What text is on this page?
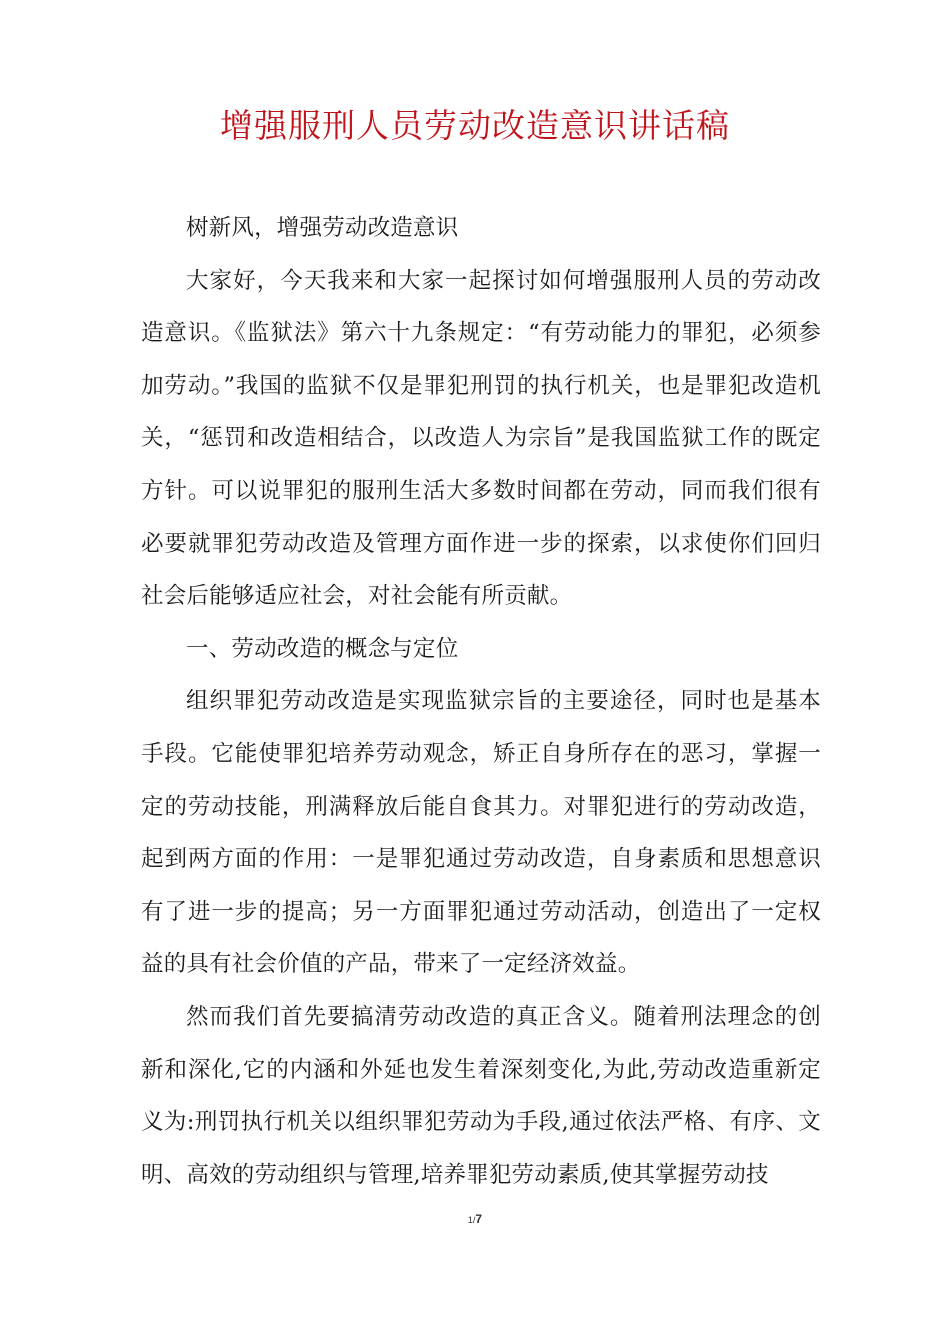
增强服刑人员劳动改造意识讲话稿

树新风，增强劳动改造意识

大家好，今天我来和大家一起探讨如何增强服刑人员的劳动改造意识。《监狱法》第六十九条规定：“有劳动能力的罪犯，必须参加劳动。”我国的监狱不仅是罪犯刑罚的执行机关，也是罪犯改造机关，“惩罚和改造相结合，以改造人为宗旨”是我国监狱工作的既定方针。可以说罪犯的服刑生活大多数时间都在劳动，同而我们很有必要就罪犯劳动改造及管理方面作进一步的探索，以求使你们回归社会后能够适应社会，对社会能有所贡献。

一、劳动改造的概念与定位

组织罪犯劳动改造是实现监狱宗旨的主要途径，同时也是基本手段。它能使罪犯培养劳动观念，矫正自身所存在的恶习，掌握一定的劳动技能，刑满释放后能自食其力。对罪犯进行的劳动改造，起到两方面的作用：一是罪犯通过劳动改造，自身素质和思想意识有了进一步的提高；另一方面罪犯通过劳动活动，创造出了一定权益的具有社会价值的产品，带来了一定经济效益。

然而我们首先要搞清劳动改造的真正含义。随着刑法理念的创新和深化,它的内涵和外延也发生着深刻变化,为此,劳动改造重新定义为:刑罚执行机关以组织罪犯劳动为手段,通过依法严格、有序、文明、高效的劳动组织与管理,培养罪犯劳动素质,使其掌握劳动技

1/7
